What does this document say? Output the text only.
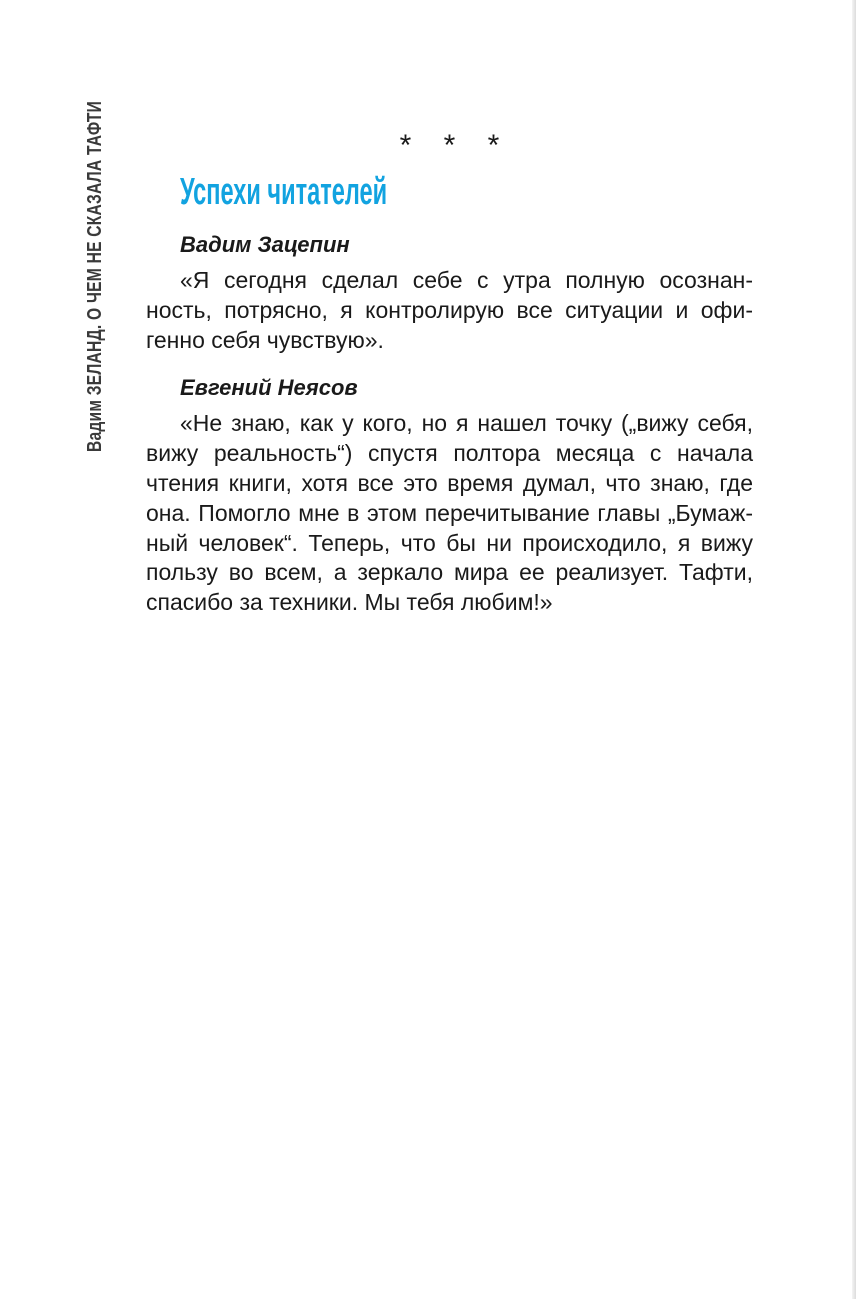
Вадим ЗЕЛАНД. О ЧЕМ НЕ СКАЗАЛА ТАФТИ	* * *
Успехи читателей
Вадим Зацепин

«Я сегодня сделал себе с утра полную осознанность, потрясно, я контролирую все ситуации и офигенно себя чувствую».

Евгений Неясов

«Не знаю, как у кого, но я нашел точку („вижу себя, вижу реальность“) спустя полтора месяца с начала чтения книги, хотя все это время думал, что знаю, где она. Помогло мне в этом перечитывание главы „Бумажный человек“. Теперь, что бы ни происходило, я вижу пользу во всем, а зеркало мира ее реализует. Тафти, спасибо за техники. Мы тебя любим!»
